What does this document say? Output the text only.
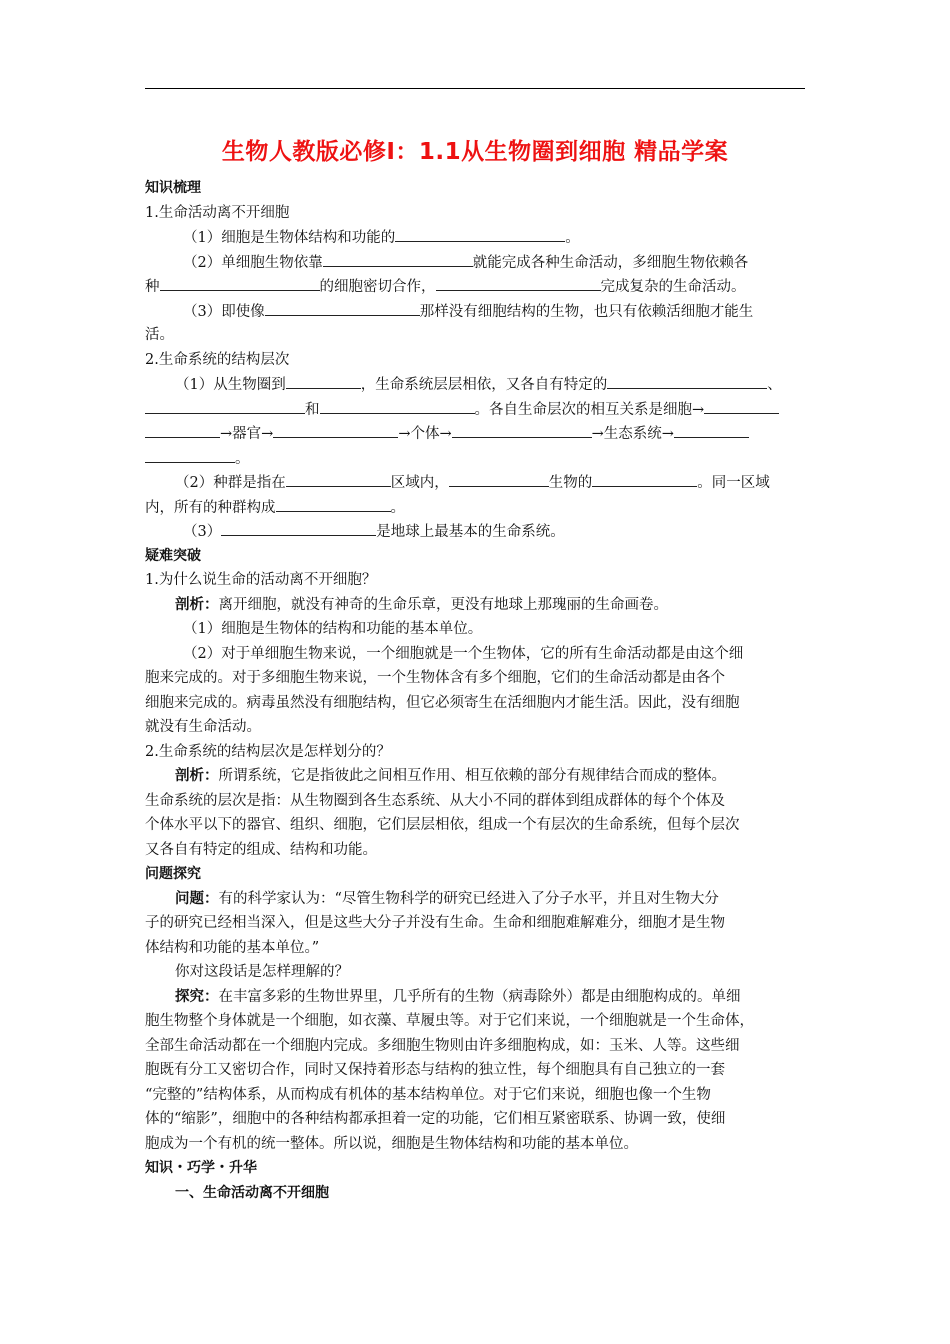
生物人教版必修Ⅰ：1.1从生物圈到细胞 精品学案
知识梳理
1.生命活动离不开细胞
（1）细胞是生物体结构和功能的	。
（2）单细胞生物依靠	就能完成各种生命活动，多细胞生物依赖各
种	的细胞密切合作，	完成复杂的生命活动。
（3）即使像	那样没有细胞结构的生物，也只有依赖活细胞才能生
活。
2.生命系统的结构层次
（1）从生物圈到	，生命系统层层相依，又各自有特定的	、
和	。各自生命层次的相互关系是细胞→
→器官→	→个体→	→生态系统→
。
（2）种群是指在	区域内，	生物的	。同一区域
内，所有的种群构成	。
（3）	是地球上最基本的生命系统。
疑难突破
1.为什么说生命的活动离不开细胞？
剖析：离开细胞，就没有神奇的生命乐章，更没有地球上那瑰丽的生命画卷。
（1）细胞是生物体的结构和功能的基本单位。
（2）对于单细胞生物来说，一个细胞就是一个生物体，它的所有生命活动都是由这个细
胞来完成的。对于多细胞生物来说，一个生物体含有多个细胞，它们的生命活动都是由各个
细胞来完成的。病毒虽然没有细胞结构，但它必须寄生在活细胞内才能生活。因此，没有细胞
就没有生命活动。
2.生命系统的结构层次是怎样划分的？
剖析：所谓系统，它是指彼此之间相互作用、相互依赖的部分有规律结合而成的整体。
生命系统的层次是指：从生物圈到各生态系统、从大小不同的群体到组成群体的每个个体及
个体水平以下的器官、组织、细胞，它们层层相依，组成一个有层次的生命系统，但每个层次
又各自有特定的组成、结构和功能。
问题探究
问题：有的科学家认为：“尽管生物科学的研究已经进入了分子水平，并且对生物大分
子的研究已经相当深入，但是这些大分子并没有生命。生命和细胞难解难分，细胞才是生物
体结构和功能的基本单位。”
你对这段话是怎样理解的？
探究：在丰富多彩的生物世界里，几乎所有的生物（病毒除外）都是由细胞构成的。单细
胞生物整个身体就是一个细胞，如衣藻、草履虫等。对于它们来说，一个细胞就是一个生命体，
全部生命活动都在一个细胞内完成。多细胞生物则由许多细胞构成，如：玉米、人等。这些细
胞既有分工又密切合作，同时又保持着形态与结构的独立性，每个细胞具有自己独立的一套
“完整的”结构体系，从而构成有机体的基本结构单位。对于它们来说，细胞也像一个生物
体的“缩影”，细胞中的各种结构都承担着一定的功能，它们相互紧密联系、协调一致，使细
胞成为一个有机的统一整体。所以说，细胞是生物体结构和功能的基本单位。
知识・巧学・升华
一、生命活动离不开细胞
